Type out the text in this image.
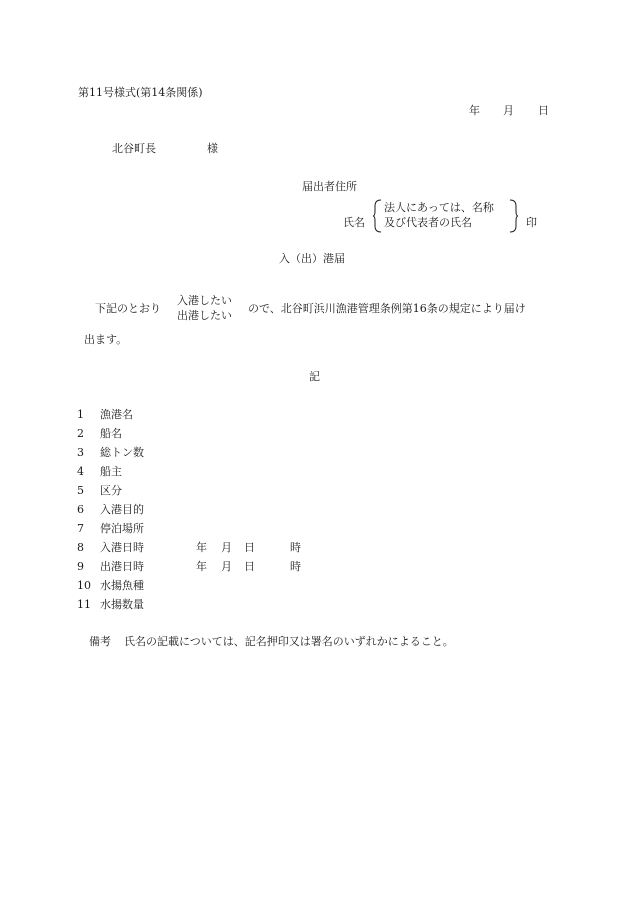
第11号様式(第14条関係)
年 月 日
北谷町長	様
届出者住所
氏名
法人にあっては、名称
及び代表者の氏名	印
入（出）港届
下記のとおり
入港したい
出港したい
ので、北谷町浜川漁港管理条例第16条の規定により届け
出ます。
記
1 漁港名
2 船名
3 総トン数
4 船主
5 区分
6 入港目的
7 停泊場所
8 入港日時	年 月 日	時
9 出港日時	年 月 日	時
10 水揚魚種
11 水揚数量
備考 氏名の記載については、記名押印又は署名のいずれかによること。
